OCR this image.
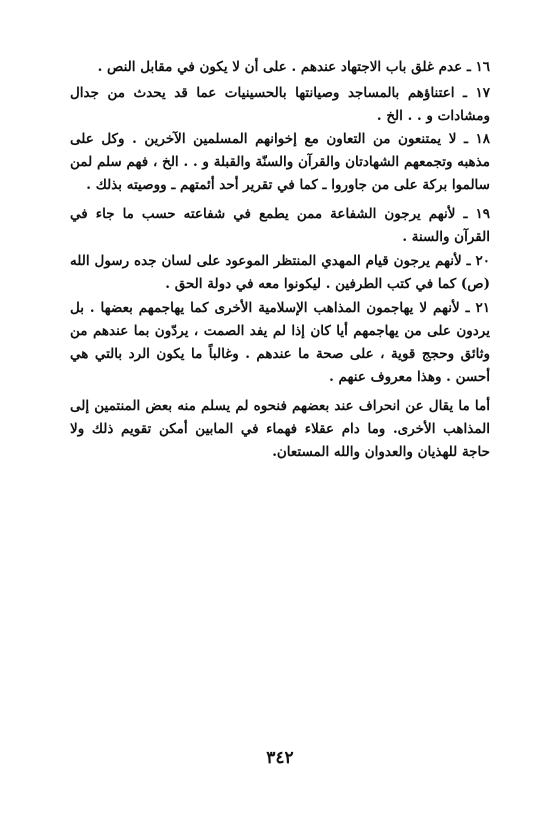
١٦ ـ عدم غلق باب الاجتهاد عندهم . على أن لا يكون في مقابل النص .
١٧ ـ اعتناؤهم بالمساجد وصيانتها بالحسينيات عما قد يحدث من جدال ومشادات و . . الخ .
١٨ ـ لا يمتنعون من التعاون مع إخوانهم المسلمين الآخرين . وكل على مذهبه وتجمعهم الشهادتان والقرآن والسنّة والقبلة و . . الخ ، فهم سلم لمن سالموا بركة على من جاوروا ـ كما في تقرير أحد أئمتهم ـ ووصيته بذلك .
١٩ ـ لأنهم يرجون الشفاعة ممن يطمع في شفاعته حسب ما جاء في القرآن والسنة .
٢٠ ـ لأنهم يرجون قيام المهدي المنتظر الموعود على لسان جده رسول الله (ص) كما في كتب الطرفين . ليكونوا معه في دولة الحق .
٢١ ـ لأنهم لا يهاجمون المذاهب الإسلامية الأخرى كما يهاجمهم بعضها . بل يردون على من يهاجمهم أيا كان إذا لم يفد الصمت ، يردّون بما عندهم من وثائق وحجج قوية ، على صحة ما عندهم . وغالباً ما يكون الرد بالتي هي أحسن . وهذا معروف عنهم .
أما ما يقال عن انحراف عند بعضهم فنحوه لم يسلم منه بعض المنتمين إلى المذاهب الأخرى. وما دام عقلاء فهماء في المابين أمكن تقويم ذلك ولا حاجة للهذيان والعدوان والله المستعان.
٣٤٢
